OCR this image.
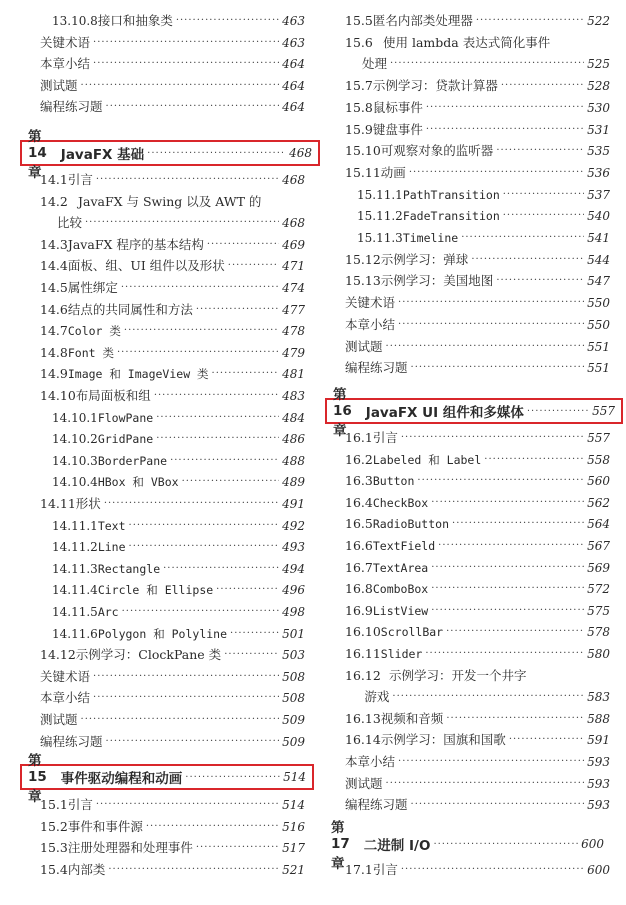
13.10.8 接口和抽象类 ·····	463
关键术语 ·····	463
本章小结 ·····	464
测试题 ·····	464
编程练习题 ·····	464
第 14 章
JavaFX 基础 ·····	468
14.1 引言 ·····	468
14.2 JavaFX 与 Swing 以及 AWT 的
比较 ·····	468
14.3 JavaFX 程序的基本结构 ·····	469
14.4 面板、组、UI 组件以及形状 ·····	471
14.5 属性绑定 ·····	474
14.6 结点的共同属性和方法 ·····	477
14.7 Color 类 ·····	478
14.8 Font 类 ·····	479
14.9 Image 和 ImageView 类 ·····	481
14.10 布局面板和组 ·····	483
14.10.1 FlowPane ·····	484
14.10.2 GridPane ·····	486
14.10.3 BorderPane ·····	488
14.10.4 HBox 和 VBox ·····	489
14.11 形状 ·····	491
14.11.1 Text ·····	492
14.11.2 Line ·····	493
14.11.3 Rectangle ·····	494
14.11.4 Circle 和 Ellipse ·····	496
14.11.5 Arc ·····	498
14.11.6 Polygon 和 Polyline ·····	501
14.12 示例学习：ClockPane 类 ·····	503
关键术语 ·····	508
本章小结 ·····	508
测试题 ·····	509
编程练习题 ·····	509
第 15 章
事件驱动编程和动画 ·····	514
15.1 引言 ·····	514
15.2 事件和事件源 ·····	516
15.3 注册处理器和处理事件 ·····	517
15.4 内部类 ·····	521
15.5 匿名内部类处理器 ·····	522
15.6 使用 lambda 表达式简化事件
处理 ·····	525
15.7 示例学习：贷款计算器 ·····	528
15.8 鼠标事件 ·····	530
15.9 键盘事件 ·····	531
15.10 可观察对象的监听器 ·····	535
15.11 动画 ·····	536
15.11.1 PathTransition ·····	537
15.11.2 FadeTransition ·····	540
15.11.3 Timeline ·····	541
15.12 示例学习：弹球 ·····	544
15.13 示例学习：美国地图 ·····	547
关键术语 ·····	550
本章小结 ·····	550
测试题 ·····	551
编程练习题 ·····	551
第 16 章
JavaFX UI 组件和多媒体 ·····	557
16.1 引言 ·····	557
16.2 Labeled 和 Label ·····	558
16.3 Button ·····	560
16.4 CheckBox ·····	562
16.5 RadioButton ·····	564
16.6 TextField ·····	567
16.7 TextArea ·····	569
16.8 ComboBox ·····	572
16.9 ListView ·····	575
16.10 ScrollBar ·····	578
16.11 Slider ·····	580
16.12 示例学习：开发一个井字
游戏 ·····	583
16.13 视频和音频 ·····	588
16.14 示例学习：国旗和国歌 ·····	591
本章小结 ·····	593
测试题 ·····	593
编程练习题 ·····	593
第 17 章
二进制 I/O ·····	600
17.1 引言 ·····	600
